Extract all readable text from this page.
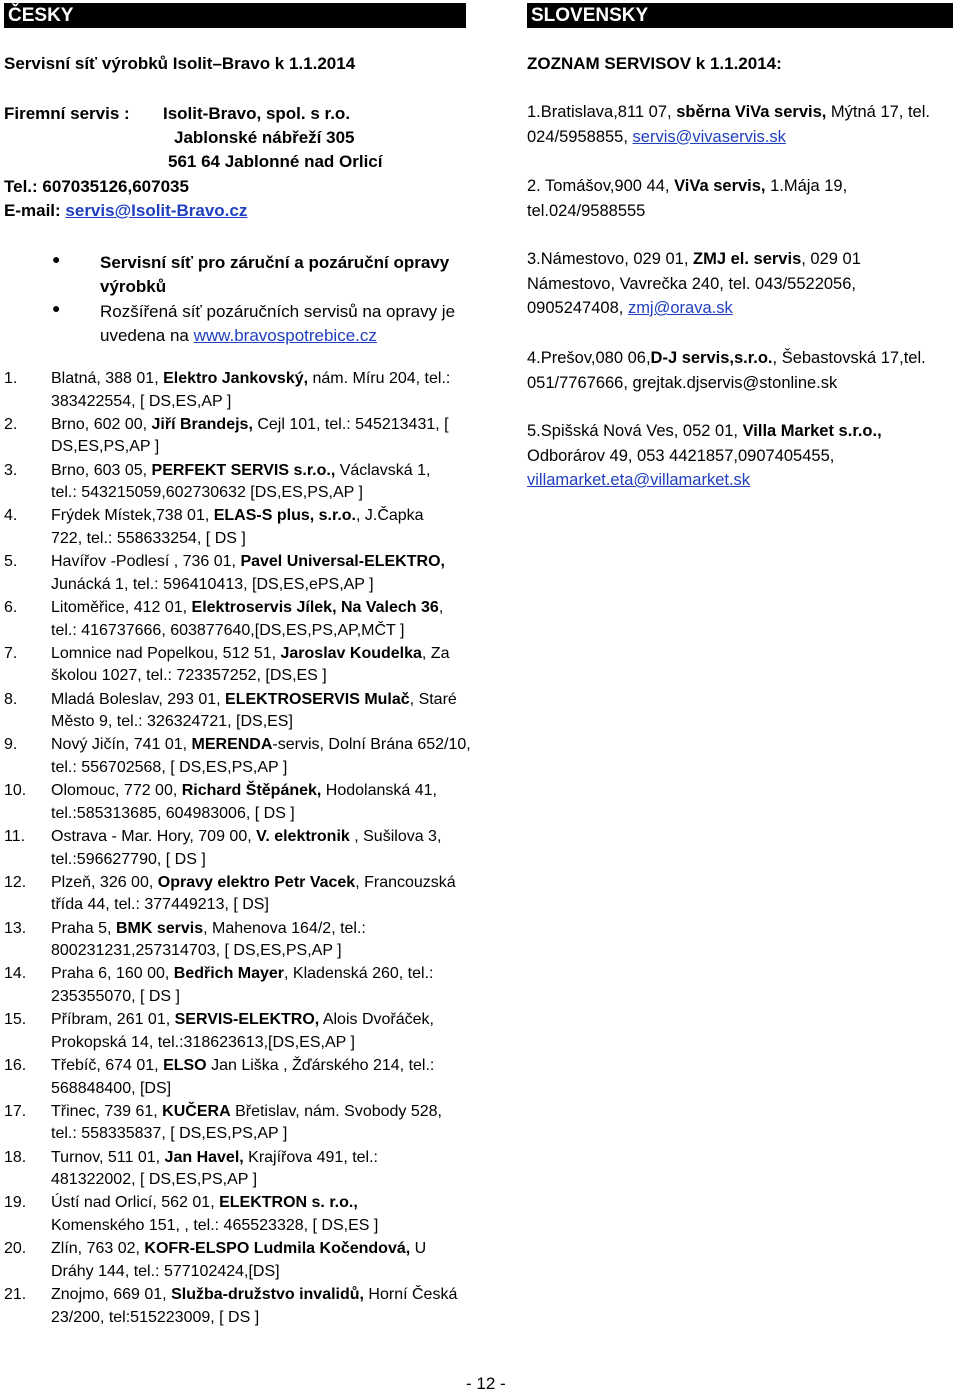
ČESKY
Servisní síť výrobků Isolit–Bravo k 1.1.2014
Firemní servis : Isolit-Bravo, spol. s r.o.
Jablonské nábřeží 305
561 64 Jablonné nad Orlicí
Tel.: 607035126,607035
E-mail: servis@Isolit-Bravo.cz
● Servisní síť pro záruční a pozáruční opravy
výrobků
● Rozšířená síť pozáručních servisů na opravy je
uvedena na www.bravospotrebice.cz
1. Blatná, 388 01, Elektro Jankovský, nám. Míru 204, tel.:
383422554, [ DS,ES,AP ]
2. Brno, 602 00, Jiří Brandejs, Cejl 101, tel.: 545213431, [
DS,ES,PS,AP ]
3. Brno, 603 05, PERFEKT SERVIS s.r.o., Václavská 1,
tel.: 543215059,602730632 [DS,ES,PS,AP ]
4. Frýdek Místek,738 01, ELAS-S plus, s.r.o., J.Čapka
722, tel.: 558633254, [ DS ]
5. Havířov -Podlesí , 736 01, Pavel Universal-ELEKTRO,
Junácká 1, tel.: 596410413, [DS,ES,ePS,AP ]
6. Litoměřice, 412 01, Elektroservis Jílek, Na Valech 36,
tel.: 416737666, 603877640,[DS,ES,PS,AP,MČT ]
7. Lomnice nad Popelkou, 512 51, Jaroslav Koudelka, Za
školou 1027, tel.: 723357252, [DS,ES ]
8. Mladá Boleslav, 293 01, ELEKTROSERVIS Mulač, Staré
Město 9, tel.: 326324721, [DS,ES]
9. Nový Jičín, 741 01, MERENDA-servis, Dolní Brána 652/10,
tel.: 556702568, [ DS,ES,PS,AP ]
10. Olomouc, 772 00, Richard Štěpánek, Hodolanská 41,
tel.:585313685, 604983006, [ DS ]
11. Ostrava - Mar. Hory, 709 00, V. elektronik , Sušilova 3,
tel.:596627790, [ DS ]
12. Plzeň, 326 00, Opravy elektro Petr Vacek, Francouzská
třída 44, tel.: 377449213, [ DS]
13. Praha 5, BMK servis, Mahenova 164/2, tel.:
800231231,257314703, [ DS,ES,PS,AP ]
14. Praha 6, 160 00, Bedřich Mayer, Kladenská 260, tel.:
235355070, [ DS ]
15. Příbram, 261 01, SERVIS-ELEKTRO, Alois Dvořáček,
Prokopská 14, tel.:318623613,[DS,ES,AP ]
16. Třebíč, 674 01, ELSO Jan Liška , Žďárského 214, tel.:
568848400, [DS]
17. Třinec, 739 61, KUČERA Břetislav, nám. Svobody 528,
tel.: 558335837, [ DS,ES,PS,AP ]
18. Turnov, 511 01, Jan Havel, Krajířova 491, tel.:
481322002, [ DS,ES,PS,AP ]
19. Ústí nad Orlicí, 562 01, ELEKTRON s. r.o.,
Komenského 151, , tel.: 465523328, [ DS,ES ]
20. Zlín, 763 02, KOFR-ELSPO Ludmila Kočendová, U
Dráhy 144, tel.: 577102424,[DS]
21. Znojmo, 669 01, Služba-družstvo invalidů, Horní Česká
23/200, tel:515223009, [ DS ]
SLOVENSKY
ZOZNAM SERVISOV k 1.1.2014:
1.Bratislava,811 07, sběrna ViVa servis, Mýtná 17, tel.
024/5958855, servis@vivaservis.sk
2. Tomášov,900 44, ViVa servis, 1.Mája 19,
tel.024/9588555
3.Námestovo, 029 01, ZMJ el. servis, 029 01
Námestovo, Vavrečka 240, tel. 043/5522056,
0905247408, zmj@orava.sk
4.Prešov,080 06,D-J servis,s.r.o., Šebastovská 17,tel.
051/7767666, grejtak.djservis@stonline.sk
5.Spišská Nová Ves, 052 01, Villa Market s.r.o.,
Odborárov 49, 053 4421857,0907405455,
villamarket.eta@villamarket.sk
- 12 -
